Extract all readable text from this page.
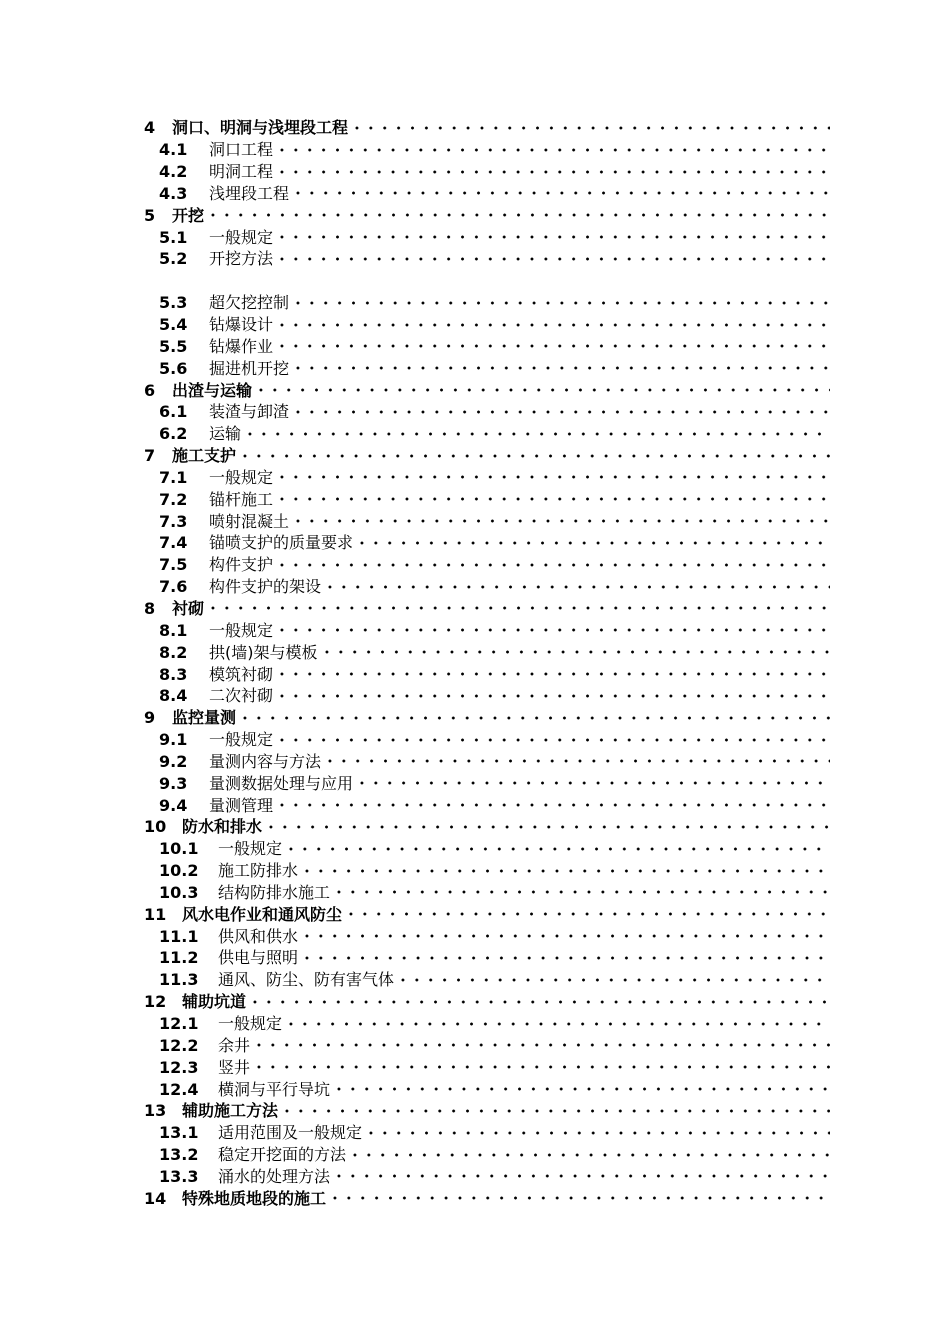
4	洞口、明洞与浅埋段工程
4.1	洞口工程
4.2	明洞工程
4.3	浅埋段工程
5	开挖
5.1	一般规定
5.2	开挖方法
5.3	超欠挖控制
5.4	钻爆设计
5.5	钻爆作业
5.6	掘进机开挖
6	出渣与运输
6.1	装渣与卸渣
6.2	运输
7	施工支护
7.1	一般规定
7.2	锚杆施工
7.3	喷射混凝土
7.4	锚喷支护的质量要求
7.5	构件支护
7.6	构件支护的架设
8	衬砌
8.1	一般规定
8.2	拱(墙)架与模板
8.3	模筑衬砌
8.4	二次衬砌
9	监控量测
9.1	一般规定
9.2	量测内容与方法
9.3	量测数据处理与应用
9.4	量测管理
10 防水和排水
10.1	一般规定
10.2	施工防排水
10.3	结构防排水施工
11 风水电作业和通风防尘
11.1	供风和供水
11.2	供电与照明
11.3	通风、防尘、防有害气体
12 辅助坑道
12.1	一般规定
12.2	余井
12.3	竖井
12.4	横洞与平行导坑
13 辅助施工方法
13.1	适用范围及一般规定
13.2	稳定开挖面的方法
13.3	涌水的处理方法
14 特殊地质地段的施工
